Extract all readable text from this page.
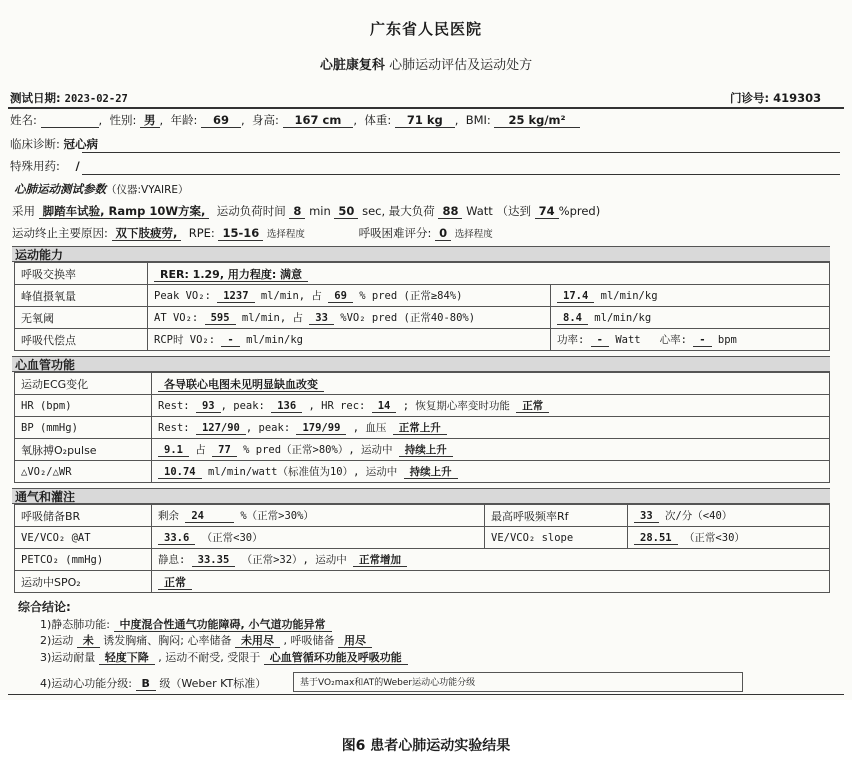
广东省人民医院
心脏康复科 心肺运动评估及运动处方
测试日期: 2023-02-27	门诊号: 419303
姓名:	,  性别: 男 ,  年龄: 69 ,  身高: 167 cm ,  体重: 71 kg ,  BMI: 25 kg/m²
临床诊断: 冠心病
特殊用药: /
心肺运动测试参数（仪器:VYAIRE）
采用 脚踏车试验, Ramp 10W方案, 运动负荷时间 8 min 50 sec, 最大负荷 88 Watt （达到 74 %pred)
运动终止主要原因: 双下肢疲劳, RPE: 15-16 选择程度	呼吸困难评分: 0 选择程度
运动能力
呼吸交换率	RER: 1.29, 用力程度: 满意	
峰值摄氧量	Peak VO₂: 1237 ml/min, 占 69 % pred (正常≥84%)	17.4 ml/min/kg
无氧阈	AT VO₂: 595 ml/min, 占 33 %VO₂ pred (正常40-80%)	8.4 ml/min/kg
呼吸代偿点	RCP时 VO₂: - ml/min/kg	功率: - Watt 心率: - bpm
心血管功能
运动ECG变化	各导联心电图未见明显缺血改变
HR (bpm)	Rest: 93 , peak: 136 , HR rec: 14 ; 恢复期心率变时功能 正常
BP (mmHg)	Rest: 127/90 , peak: 179/99 , 血压 正常上升
氧脉搏O₂pulse	9.1 占 77 % pred（正常>80%）, 运动中 持续上升
△VO₂/△WR	10.74 ml/min/watt（标准值为10）, 运动中 持续上升
通气和灌注
呼吸储备BR	剩余 24 %（正常>30%）	最高呼吸频率Rf	33 次/分（<40）
VE/VCO₂ @AT	33.6 （正常<30）	VE/VCO₂ slope	28.51 （正常<30）
PETCO₂ (mmHg)	静息: 33.35 （正常>32）, 运动中 正常增加		
运动中SPO₂	正常		
综合结论:
1)静态肺功能: 中度混合性通气功能障碍, 小气道功能异常
2)运动 未 诱发胸痛、胸闷; 心率储备 未用尽 , 呼吸储备 用尽
3)运动耐量 轻度下降 , 运动不耐受, 受限于 心血管循环功能及呼吸功能
4)运动心功能分级: B 级（Weber KT标准）	基于VO₂max和AT的Weber运动心功能分级
图6 患者心肺运动实验结果
